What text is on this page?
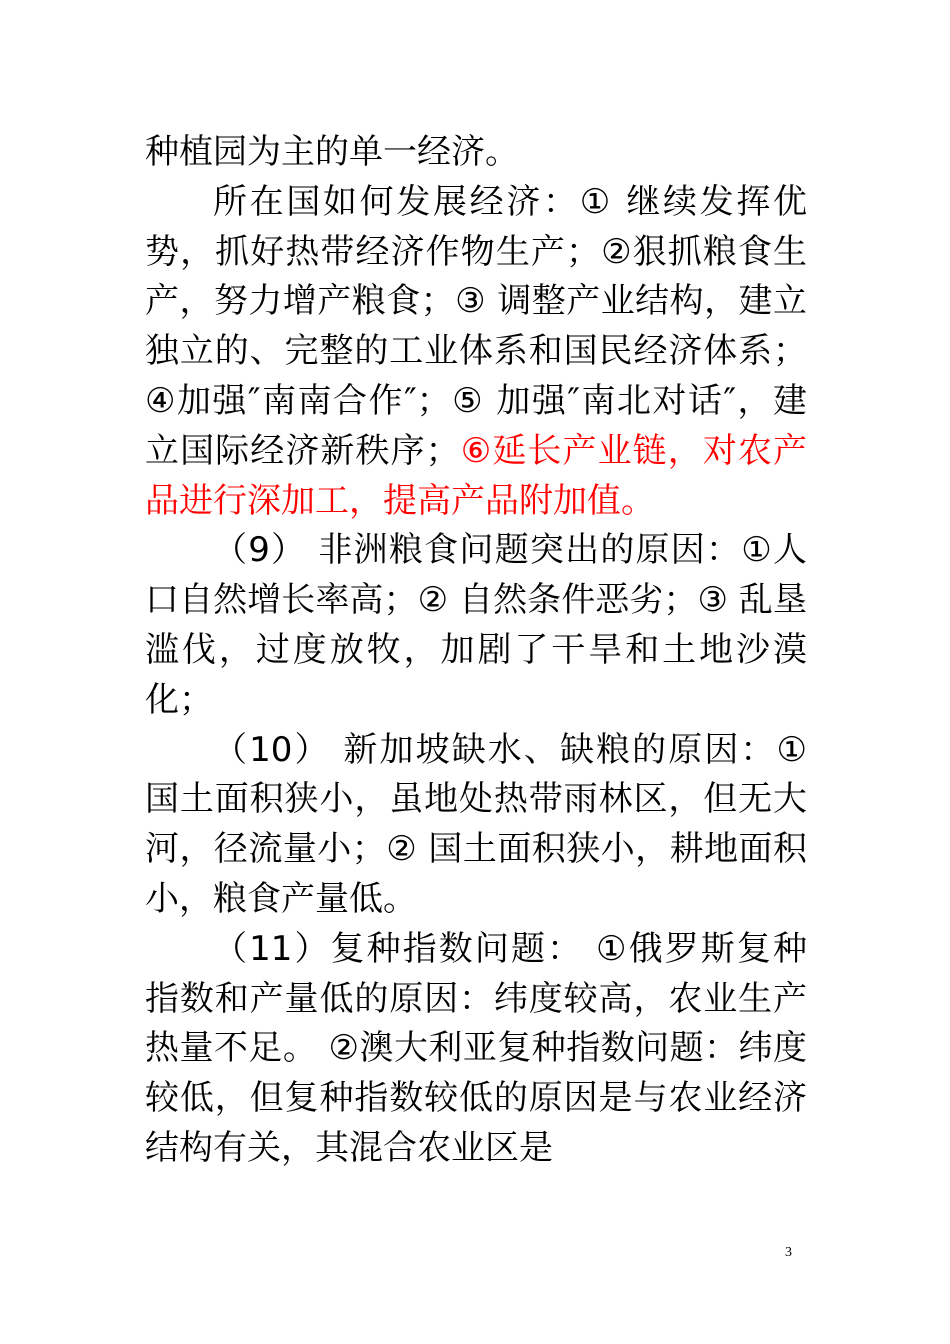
种植园为主的单一经济。

所在国如何发展经济：① 继续发挥优势，抓好热带经济作物生产；②狠抓粮食生产，努力增产粮食；③ 调整产业结构，建立独立的、完整的工业体系和国民经济体系；④加强″南南合作″；⑤ 加强″南北对话″，建立国际经济新秩序；⑥延长产业链，对农产品进行深加工，提高产品附加值。

（9） 非洲粮食问题突出的原因：①人口自然增长率高；② 自然条件恶劣；③ 乱垦滥伐，过度放牧，加剧了干旱和土地沙漠化；

（10） 新加坡缺水、缺粮的原因：①国土面积狭小，虽地处热带雨林区，但无大河，径流量小；② 国土面积狭小，耕地面积小，粮食产量低。

（11）复种指数问题： ①俄罗斯复种指数和产量低的原因：纬度较高，农业生产热量不足。 ②澳大利亚复种指数问题：纬度较低，但复种指数较低的原因是与农业经济结构有关，其混合农业区是

3
